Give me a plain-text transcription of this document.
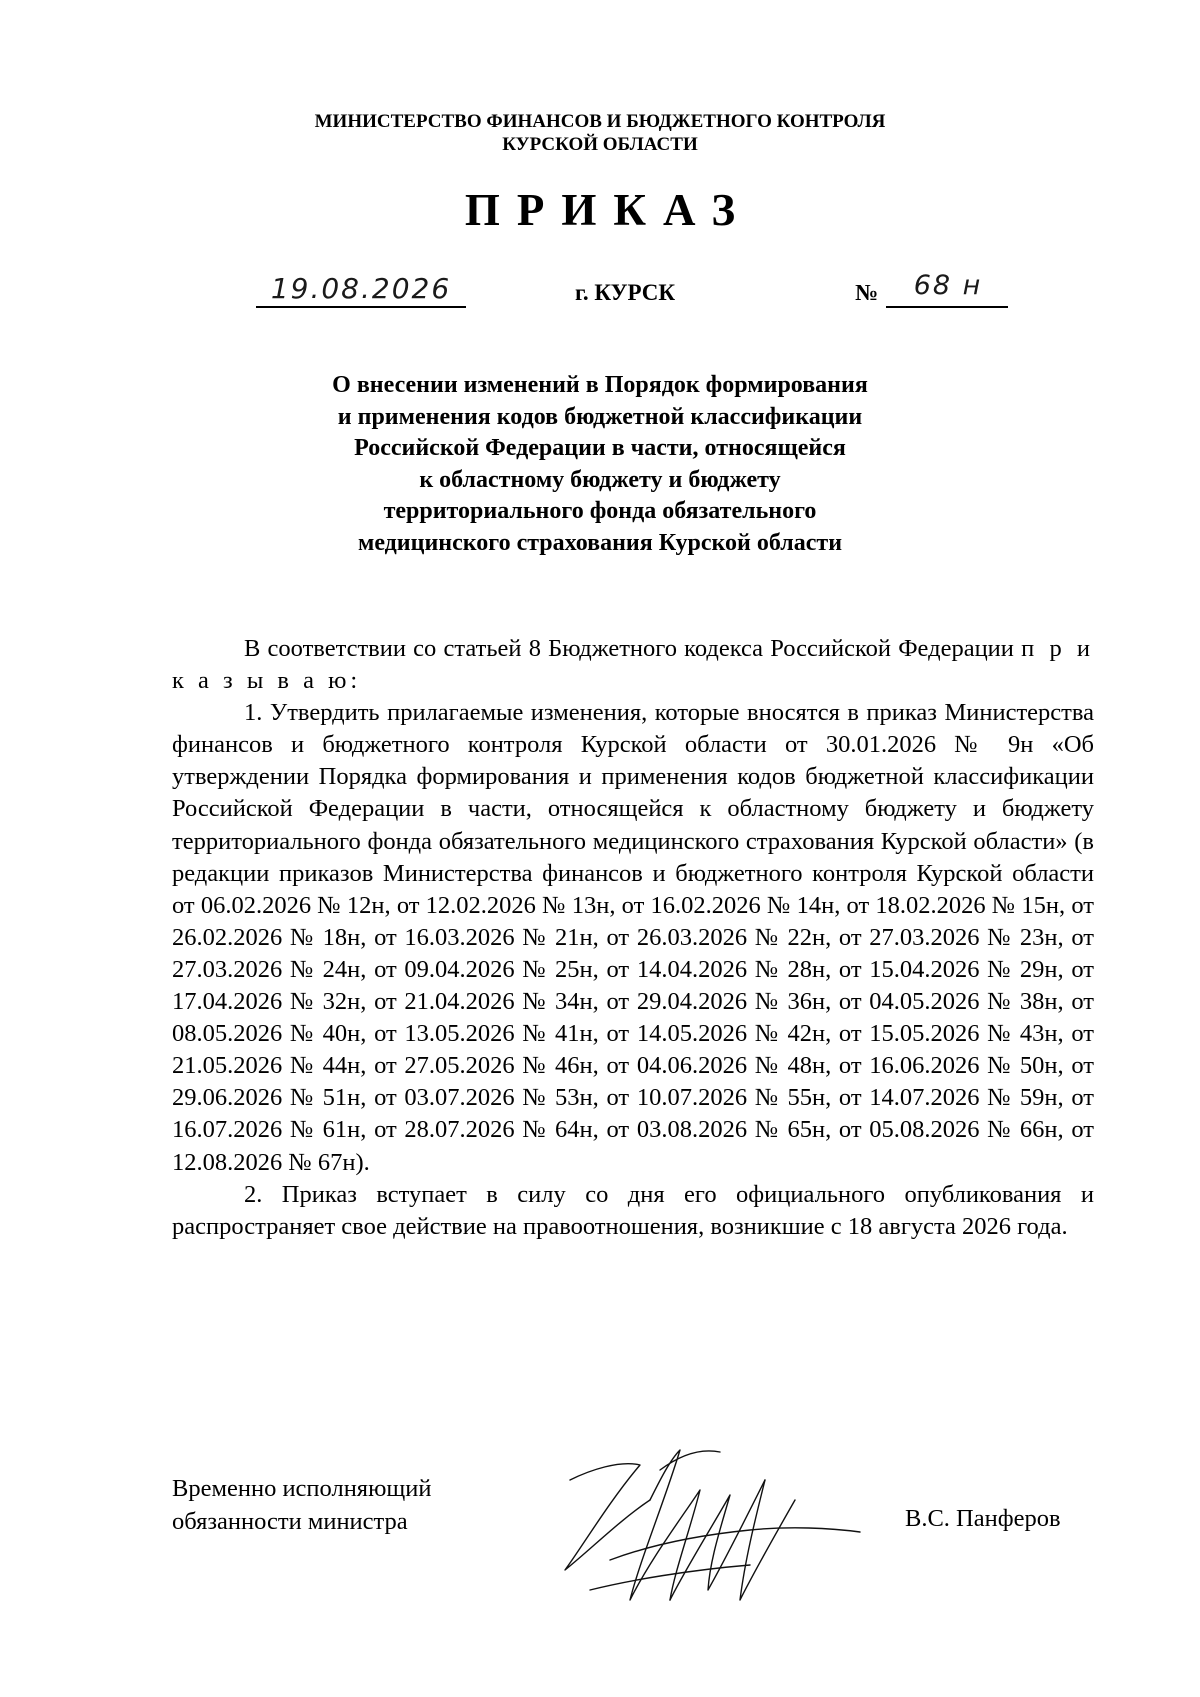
МИНИСТЕРСТВО ФИНАНСОВ И БЮДЖЕТНОГО КОНТРОЛЯ
КУРСКОЙ ОБЛАСТИ
ПРИКАЗ
19.08.2026	г. КУРСК	№	68 н
О внесении изменений в Порядок формирования
и применения кодов бюджетной классификации
Российской Федерации в части, относящейся
к областному бюджету и бюджету
территориального фонда обязательного
медицинского страхования Курской области

В соответствии со статьей 8 Бюджетного кодекса Российской Федерации п р и к а з ы в а ю:

1. Утвердить прилагаемые изменения, которые вносятся в приказ Министерства финансов и бюджетного контроля Курской области от 30.01.2026 № 9н «Об утверждении Порядка формирования и применения кодов бюджетной классификации Российской Федерации в части, относящейся к областному бюджету и бюджету территориального фонда обязательного медицинского страхования Курской области» (в редакции приказов Министерства финансов и бюджетного контроля Курской области от 06.02.2026 № 12н, от 12.02.2026 № 13н, от 16.02.2026 № 14н, от 18.02.2026 № 15н, от 26.02.2026 № 18н, от 16.03.2026 № 21н, от 26.03.2026 № 22н, от 27.03.2026 № 23н, от 27.03.2026 № 24н, от 09.04.2026 № 25н, от 14.04.2026 № 28н, от 15.04.2026 № 29н, от 17.04.2026 № 32н, от 21.04.2026 № 34н, от 29.04.2026 № 36н, от 04.05.2026 № 38н, от 08.05.2026 № 40н, от 13.05.2026 № 41н, от 14.05.2026 № 42н, от 15.05.2026 № 43н, от 21.05.2026 № 44н, от 27.05.2026 № 46н, от 04.06.2026 № 48н, от 16.06.2026 № 50н, от 29.06.2026 № 51н, от 03.07.2026 № 53н, от 10.07.2026 № 55н, от 14.07.2026 № 59н, от 16.07.2026 № 61н, от 28.07.2026 № 64н, от 03.08.2026 № 65н, от 05.08.2026 № 66н, от 12.08.2026 № 67н).

2. Приказ вступает в силу со дня его официального опубликования и распространяет свое действие на правоотношения, возникшие с 18 августа 2026 года.

Временно исполняющий
обязанности министра	В.С. Панферов
